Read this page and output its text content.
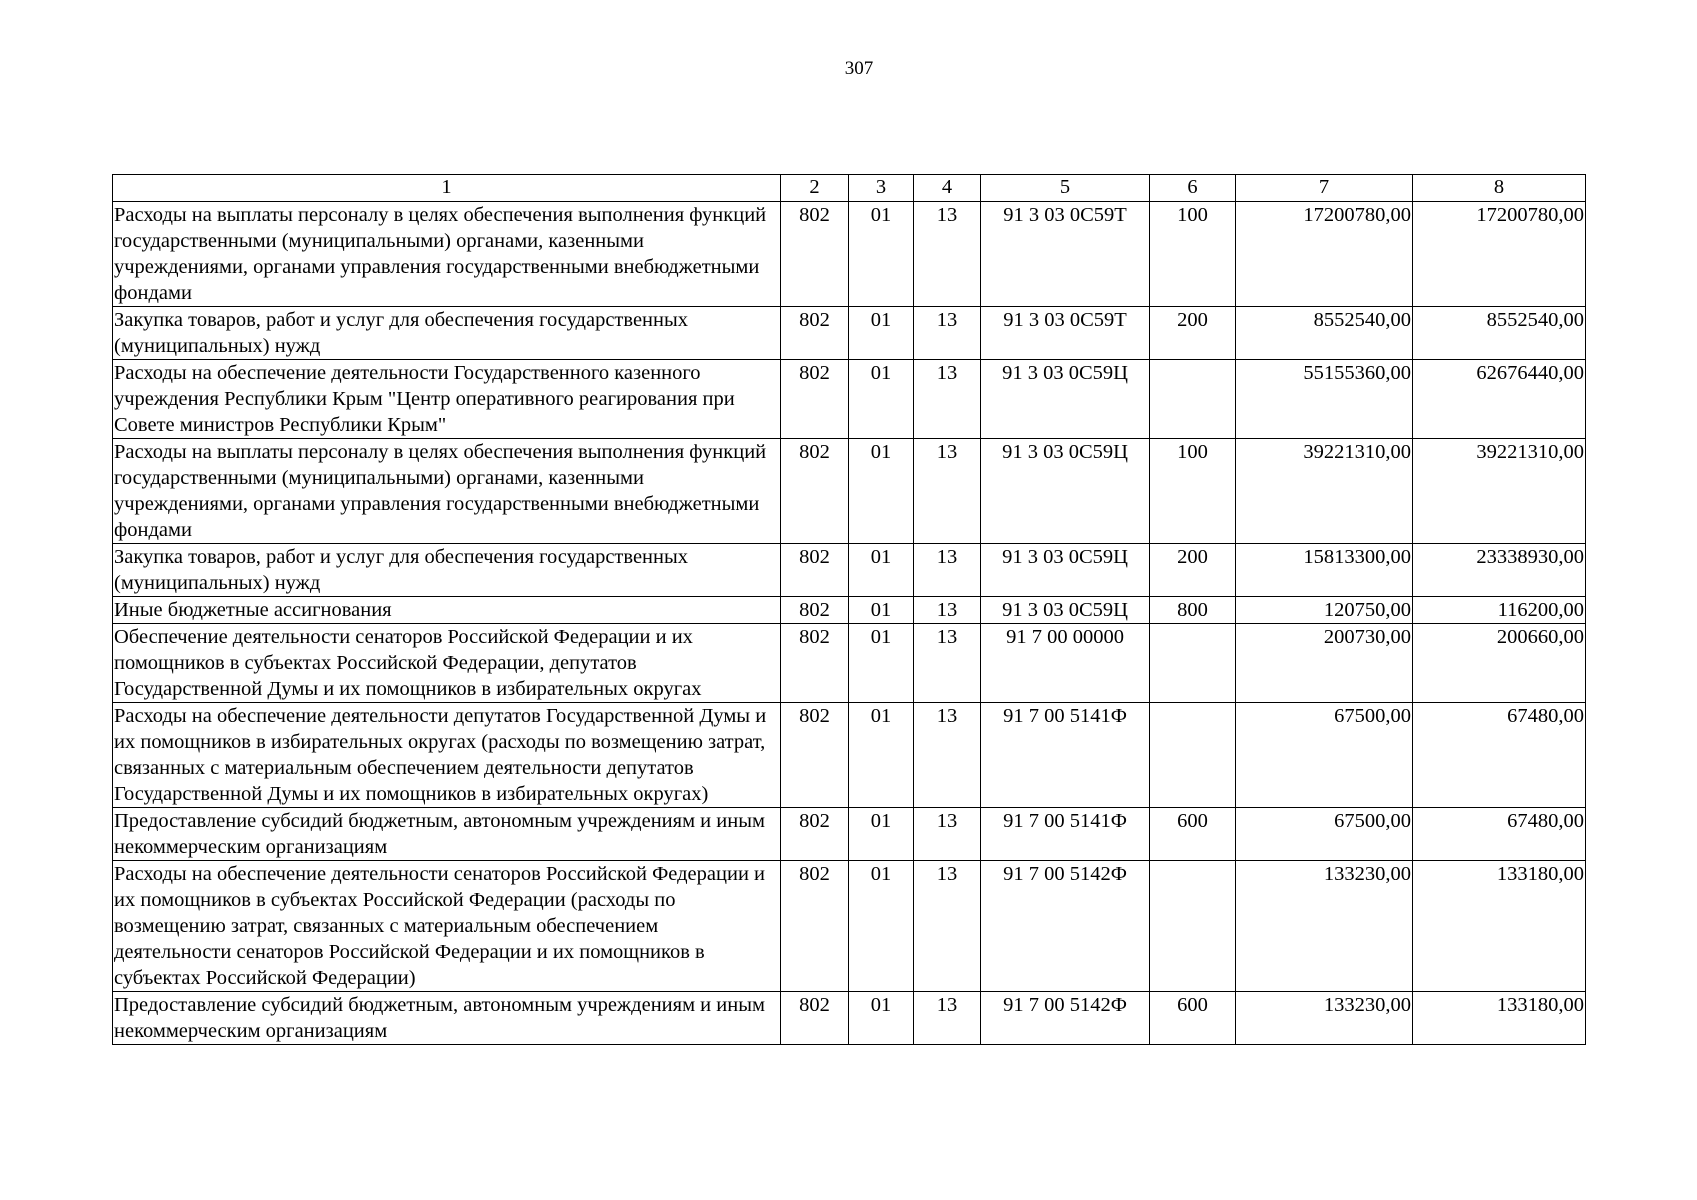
307
1	2	3	4	5	6	7	8
Расходы на выплаты персоналу в целях обеспечения выполнения функций государственными (муниципальными) органами, казенными учреждениями, органами управления государственными внебюджетными фондами	802	01	13	91 3 03 0С59Т	100	17200780,00	17200780,00
Закупка товаров, работ и услуг для обеспечения государственных (муниципальных) нужд	802	01	13	91 3 03 0С59Т	200	8552540,00	8552540,00
Расходы на обеспечение деятельности Государственного казенного учреждения Республики Крым "Центр оперативного реагирования при Совете министров Республики Крым"	802	01	13	91 3 03 0С59Ц		55155360,00	62676440,00
Расходы на выплаты персоналу в целях обеспечения выполнения функций государственными (муниципальными) органами, казенными учреждениями, органами управления государственными внебюджетными фондами	802	01	13	91 3 03 0С59Ц	100	39221310,00	39221310,00
Закупка товаров, работ и услуг для обеспечения государственных (муниципальных) нужд	802	01	13	91 3 03 0С59Ц	200	15813300,00	23338930,00
Иные бюджетные ассигнования	802	01	13	91 3 03 0С59Ц	800	120750,00	116200,00
Обеспечение деятельности сенаторов Российской Федерации и их помощников в субъектах Российской Федерации, депутатов Государственной Думы и их помощников в избирательных округах	802	01	13	91 7 00 00000		200730,00	200660,00
Расходы на обеспечение деятельности депутатов Государственной Думы и их помощников в избирательных округах (расходы по возмещению затрат, связанных с материальным обеспечением деятельности депутатов Государственной Думы и их помощников в избирательных округах)	802	01	13	91 7 00 5141Ф		67500,00	67480,00
Предоставление субсидий бюджетным, автономным учреждениям и иным некоммерческим организациям	802	01	13	91 7 00 5141Ф	600	67500,00	67480,00
Расходы на обеспечение деятельности сенаторов Российской Федерации и их помощников в субъектах Российской Федерации (расходы по возмещению затрат, связанных с материальным обеспечением деятельности сенаторов Российской Федерации и их помощников в субъектах Российской Федерации)	802	01	13	91 7 00 5142Ф		133230,00	133180,00
Предоставление субсидий бюджетным, автономным учреждениям и иным некоммерческим организациям	802	01	13	91 7 00 5142Ф	600	133230,00	133180,00
